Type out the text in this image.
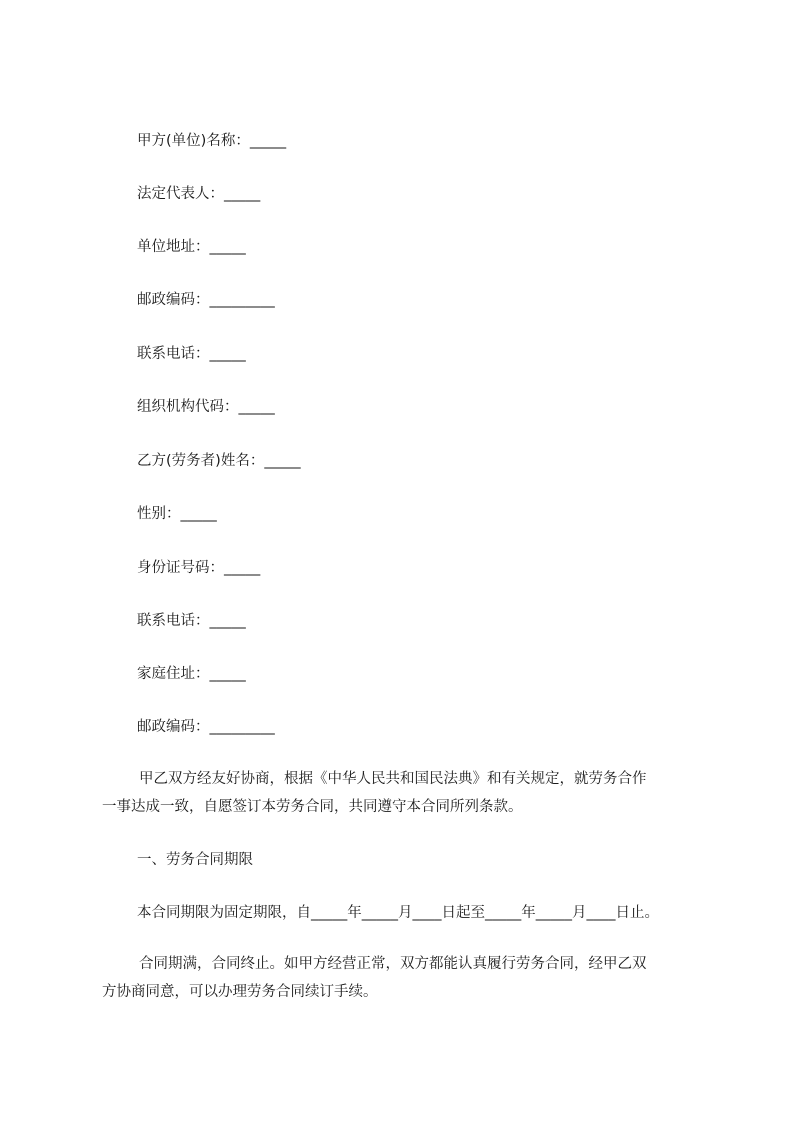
甲方(单位)名称：_____
法定代表人：_____
单位地址：_____
邮政编码：_________
联系电话：_____
组织机构代码：_____
乙方(劳务者)姓名：_____
性别：_____
身份证号码：_____
联系电话：_____
家庭住址：_____
邮政编码：_________
甲乙双方经友好协商，根据《中华人民共和国民法典》和有关规定，就劳务合作
一事达成一致，自愿签订本劳务合同，共同遵守本合同所列条款。
一、劳务合同期限
本合同期限为固定期限，自_____年_____月____日起至_____年_____月____日止。
合同期满，合同终止。如甲方经营正常，双方都能认真履行劳务合同，经甲乙双
方协商同意，可以办理劳务合同续订手续。
